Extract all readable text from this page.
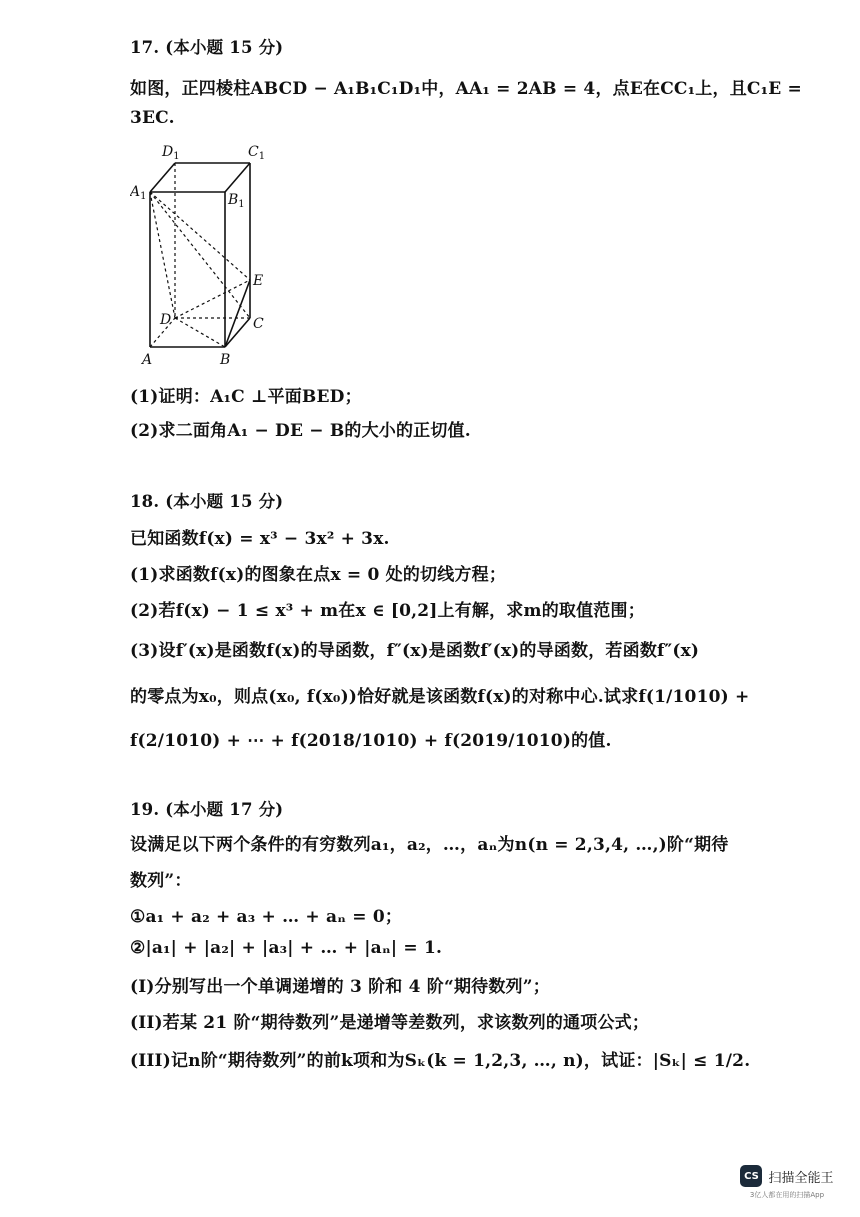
17. (本小题 15 分)
如图，正四棱柱ABCD − A₁B₁C₁D₁中，AA₁ = 2AB = 4，点E在CC₁上，且C₁E =
3EC.
$D_1$	$C_1$
$A_1$	$B_1$
E
D	C
A	B
(1)证明：A₁C ⊥平面BED；
(2)求二面角A₁ − DE − B的大小的正切值.
18. (本小题 15 分)
已知函数f(x) = x³ − 3x² + 3x.
(1)求函数f(x)的图象在点x = 0 处的切线方程；
(2)若f(x) − 1 ≤ x³ + m在x ∈ [0,2]上有解，求m的取值范围；
(3)设f′(x)是函数f(x)的导函数，f″(x)是函数f′(x)的导函数，若函数f″(x)
的零点为x₀，则点(x₀, f(x₀))恰好就是该函数f(x)的对称中心.试求f(1/1010) +
f(2/1010) + ⋯ + f(2018/1010) + f(2019/1010)的值.
19. (本小题 17 分)
设满足以下两个条件的有穷数列a₁，a₂，…，aₙ为n(n = 2,3,4, …,)阶“期待
数列”：
①a₁ + a₂ + a₃ + … + aₙ = 0；
②|a₁| + |a₂| + |a₃| + … + |aₙ| = 1.
(I)分别写出一个单调递增的 3 阶和 4 阶“期待数列”；
(II)若某 21 阶“期待数列”是递增等差数列，求该数列的通项公式；
(III)记n阶“期待数列”的前k项和为Sₖ(k = 1,2,3, …, n)，试证：|Sₖ| ≤ 1/2.
CS 扫描全能王
3亿人都在用的扫描App
